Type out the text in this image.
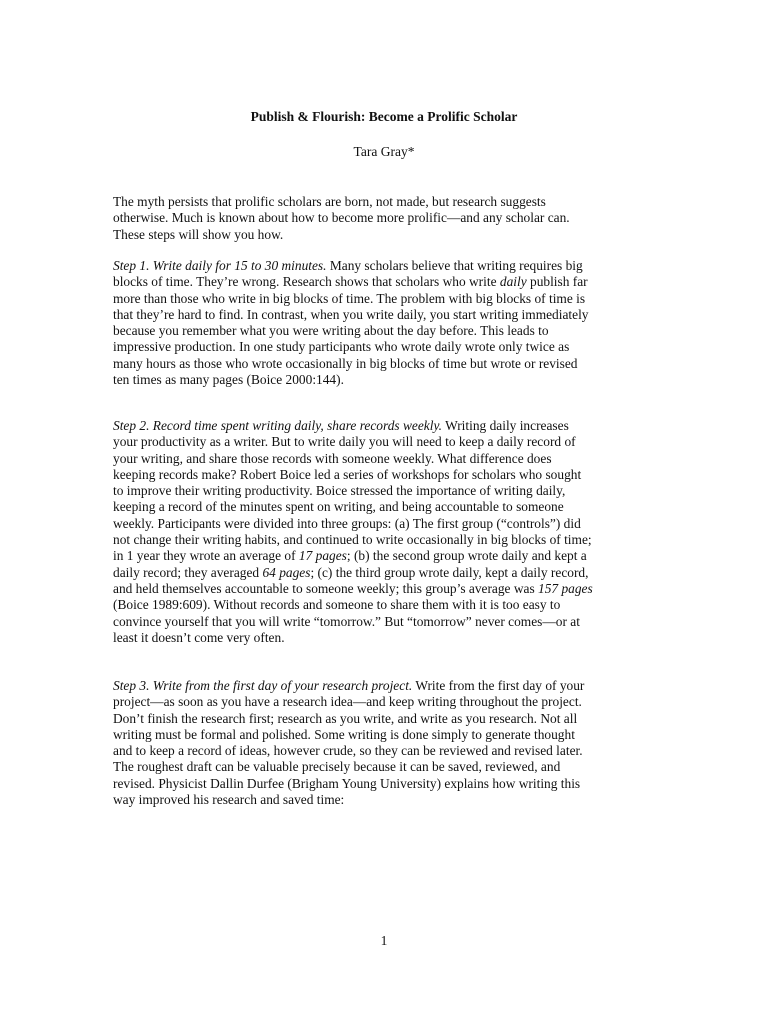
Publish & Flourish: Become a Prolific Scholar
Tara Gray*

The myth persists that prolific scholars are born, not made, but research suggests
otherwise. Much is known about how to become more prolific—and any scholar can.
These steps will show you how.

Step 1. Write daily for 15 to 30 minutes. Many scholars believe that writing requires big
blocks of time. They’re wrong. Research shows that scholars who write daily publish far
more than those who write in big blocks of time. The problem with big blocks of time is
that they’re hard to find. In contrast, when you write daily, you start writing immediately
because you remember what you were writing about the day before. This leads to
impressive production. In one study participants who wrote daily wrote only twice as
many hours as those who wrote occasionally in big blocks of time but wrote or revised
ten times as many pages (Boice 2000:144).

Step 2. Record time spent writing daily, share records weekly. Writing daily increases
your productivity as a writer. But to write daily you will need to keep a daily record of
your writing, and share those records with someone weekly. What difference does
keeping records make? Robert Boice led a series of workshops for scholars who sought
to improve their writing productivity. Boice stressed the importance of writing daily,
keeping a record of the minutes spent on writing, and being accountable to someone
weekly. Participants were divided into three groups: (a) The first group (“controls”) did
not change their writing habits, and continued to write occasionally in big blocks of time;
in 1 year they wrote an average of 17 pages; (b) the second group wrote daily and kept a
daily record; they averaged 64 pages; (c) the third group wrote daily, kept a daily record,
and held themselves accountable to someone weekly; this group’s average was 157 pages
(Boice 1989:609). Without records and someone to share them with it is too easy to
convince yourself that you will write “tomorrow.” But “tomorrow” never comes—or at
least it doesn’t come very often.

Step 3. Write from the first day of your research project. Write from the first day of your
project—as soon as you have a research idea—and keep writing throughout the project.
Don’t finish the research first; research as you write, and write as you research. Not all
writing must be formal and polished. Some writing is done simply to generate thought
and to keep a record of ideas, however crude, so they can be reviewed and revised later.
The roughest draft can be valuable precisely because it can be saved, reviewed, and
revised. Physicist Dallin Durfee (Brigham Young University) explains how writing this
way improved his research and saved time:

1
